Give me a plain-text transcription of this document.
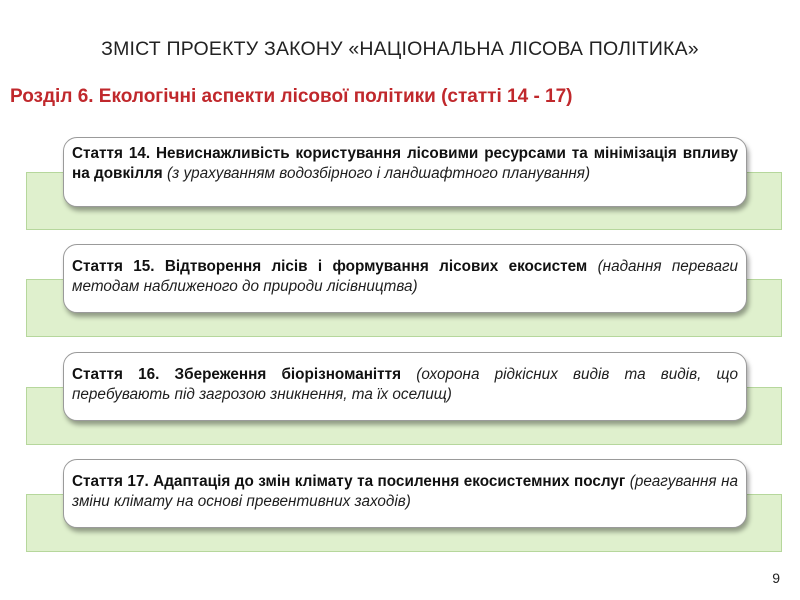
ЗМІСТ ПРОЕКТУ ЗАКОНУ «НАЦІОНАЛЬНА ЛІСОВА ПОЛІТИКА»
Розділ 6. Екологічні аспекти лісової політики (статті 14 - 17)
Стаття 14. Невиснажливість користування лісовими ресурсами та мінімізація впливу на довкілля (з урахуванням водозбірного і ландшафтного планування)
Стаття 15. Відтворення лісів і формування лісових екосистем (надання переваги методам наближеного до природи лісівництва)
Стаття 16. Збереження біорізноманіття (охорона рідкісних видів та видів, що перебувають під загрозою зникнення, та їх оселищ)
Стаття 17. Адаптація до змін клімату та посилення екосистемних послуг (реагування на зміни клімату на основі превентивних заходів)
9
